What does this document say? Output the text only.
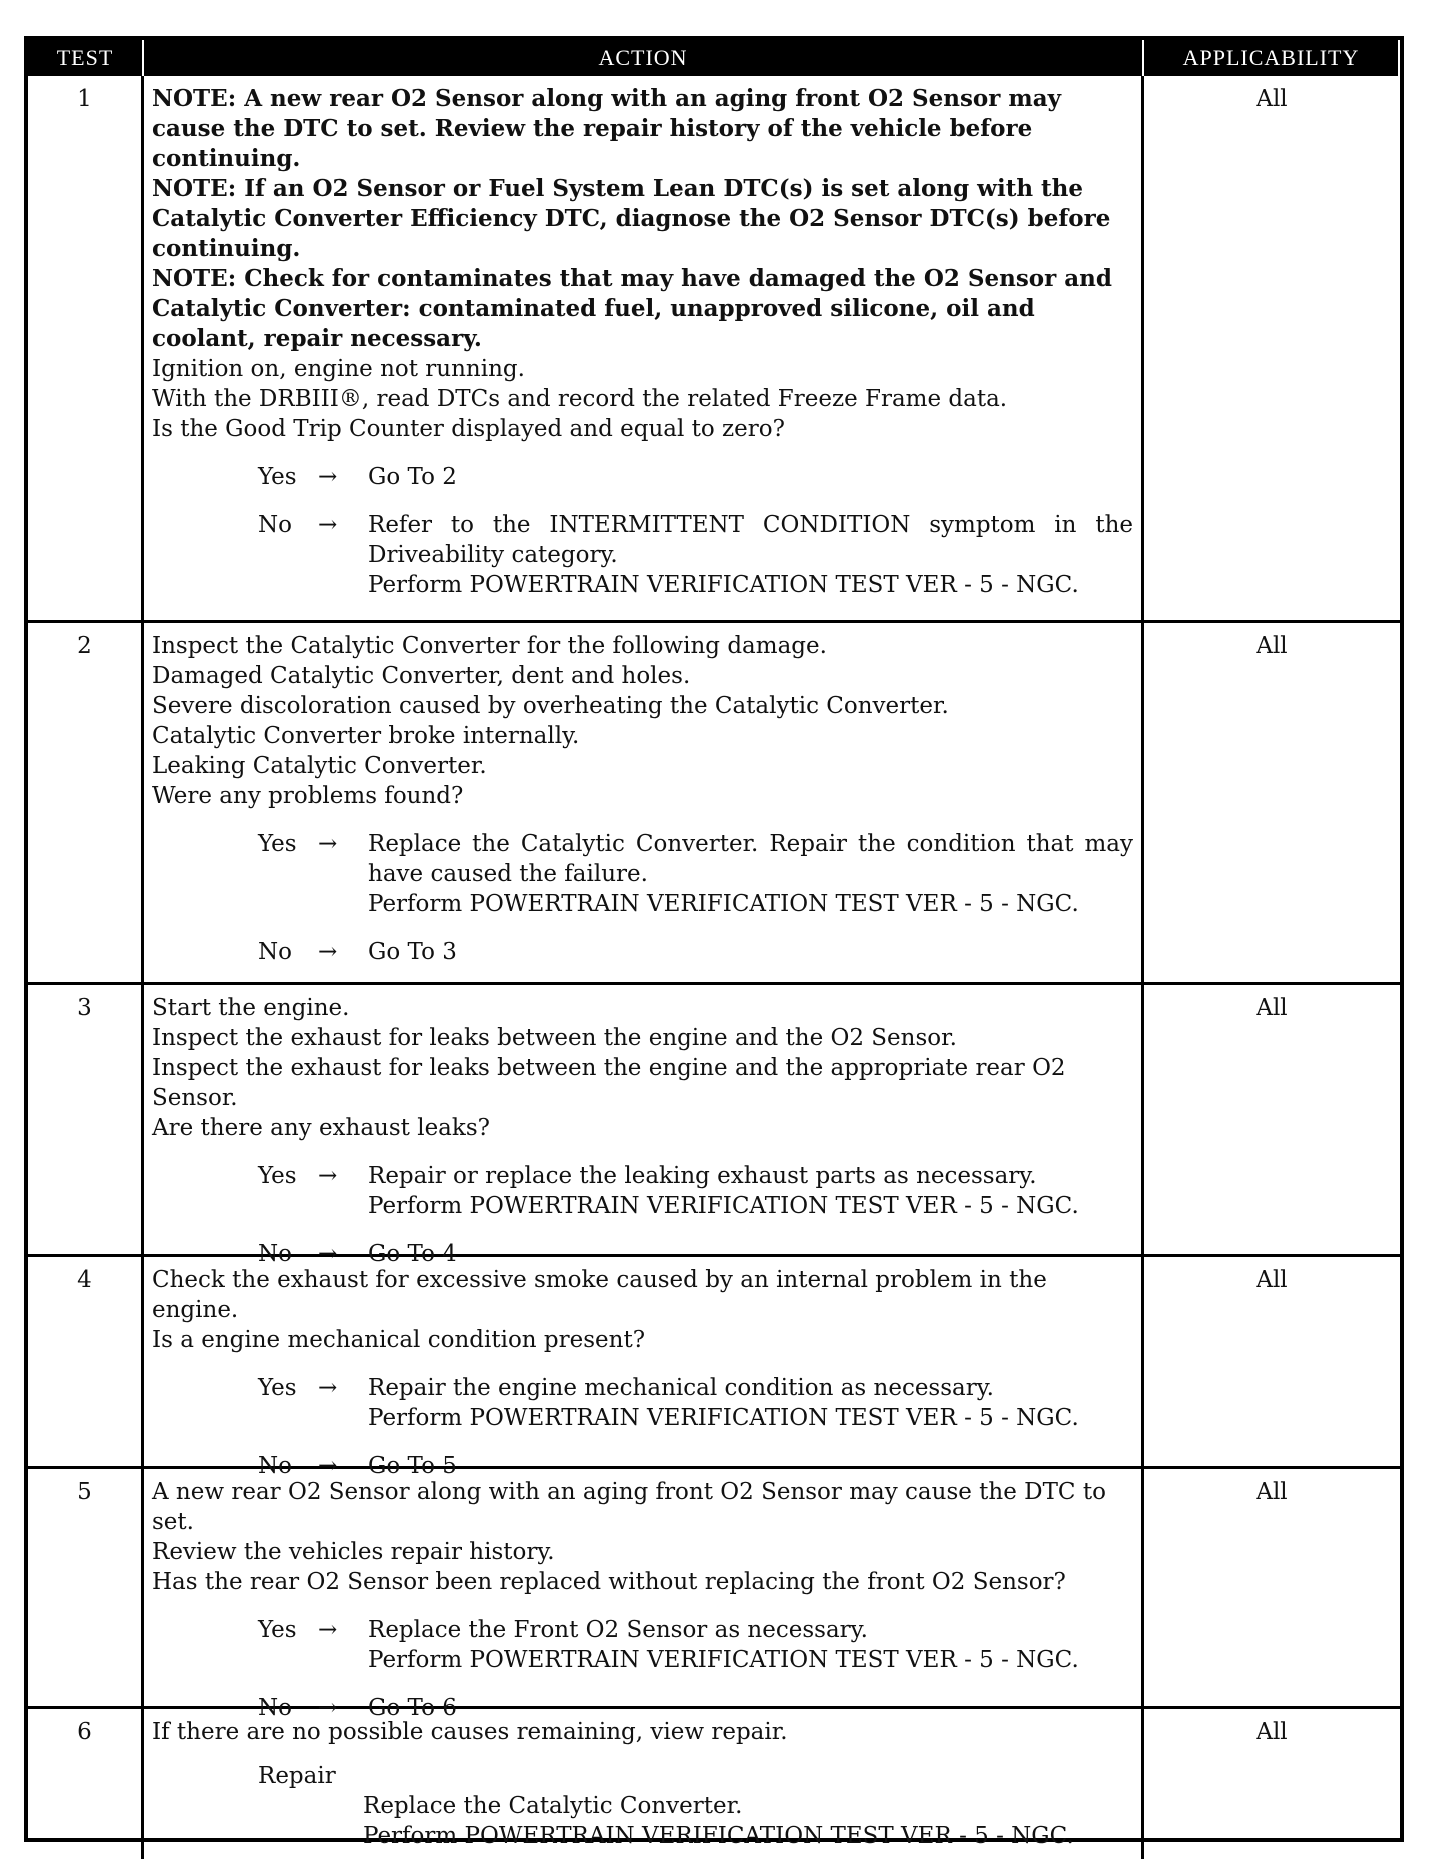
TEST	ACTION	APPLICABILITY
1	NOTE: A new rear O2 Sensor along with an aging front O2 Sensor may cause the DTC to set. Review the repair history of the vehicle before continuing.
NOTE: If an O2 Sensor or Fuel System Lean DTC(s) is set along with the Catalytic Converter Efficiency DTC, diagnose the O2 Sensor DTC(s) before continuing.
NOTE: Check for contaminates that may have damaged the O2 Sensor and Catalytic Converter: contaminated fuel, unapproved silicone, oil and coolant, repair necessary.
Ignition on, engine not running.
With the DRBIII®, read DTCs and record the related Freeze Frame data.
Is the Good Trip Counter displayed and equal to zero?
Yes →	Go To 2
No	→	Refer to the INTERMITTENT CONDITION symptom in the Driveability category.
Perform POWERTRAIN VERIFICATION TEST VER - 5 - NGC.
All
2	Inspect the Catalytic Converter for the following damage.
Damaged Catalytic Converter, dent and holes.
Severe discoloration caused by overheating the Catalytic Converter.
Catalytic Converter broke internally.
Leaking Catalytic Converter.
Were any problems found?
Yes →	Replace the Catalytic Converter. Repair the condition that may have caused the failure.
Perform POWERTRAIN VERIFICATION TEST VER - 5 - NGC.
No	→	Go To 3
All
3	Start the engine.
Inspect the exhaust for leaks between the engine and the O2 Sensor.
Inspect the exhaust for leaks between the engine and the appropriate rear O2 Sensor.
Are there any exhaust leaks?
Yes →	Repair or replace the leaking exhaust parts as necessary.
Perform POWERTRAIN VERIFICATION TEST VER - 5 - NGC.
No	→	Go To 4
All
4	Check the exhaust for excessive smoke caused by an internal problem in the engine.
Is a engine mechanical condition present?
Yes →	Repair the engine mechanical condition as necessary.
Perform POWERTRAIN VERIFICATION TEST VER - 5 - NGC.
No	→	Go To 5
All
5	A new rear O2 Sensor along with an aging front O2 Sensor may cause the DTC to set.
Review the vehicles repair history.
Has the rear O2 Sensor been replaced without replacing the front O2 Sensor?
Yes →	Replace the Front O2 Sensor as necessary.
Perform POWERTRAIN VERIFICATION TEST VER - 5 - NGC.
No	→	Go To 6
All
6	If there are no possible causes remaining, view repair.
Repair
Replace the Catalytic Converter.
Perform POWERTRAIN VERIFICATION TEST VER - 5 - NGC.
All
